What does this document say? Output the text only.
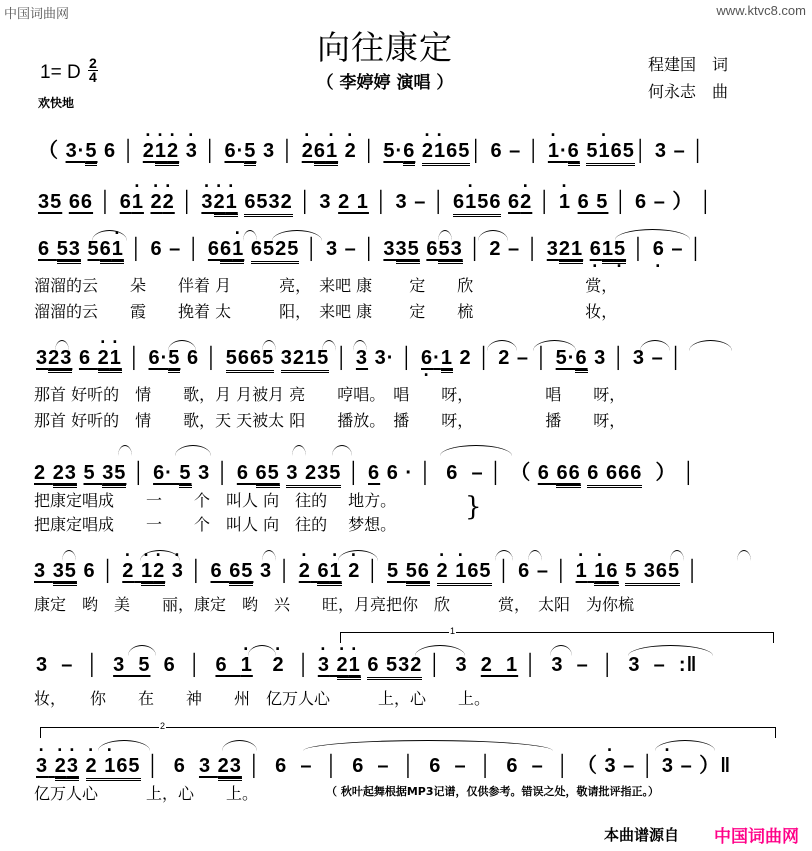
中国词曲网	www.ktvc8.com
向往康定
（ 李婷婷 演唱 ）
1= D $\frac{2}{4}$
欢快地
程建国　词
何永志　曲
（ 3·5 6 │ · 2· 1· 2 · 3 │ 6·5 3 │ · 26· 1 · 2 │ 5·6 · 2· 165│ 6 – │ · 1·6 5· 165│ 3 – │
35 66 │ 6· 1 · 2· 2 │ · 3· 2· 1 6532 │ 3 2 1 │ 3 – │ 6· 156 6· 2 │ · 1 6 5 │ 6 – ） │
6 53 56· 1 │ 6 – │ 66· 1 6525 │ 3 – │ 335 653 │ 2 – │ 321 6 ·15 · │ 6 · – │
溜溜的云　　朵　　伴着 月　　　亮，　来吧 康　　 定　　欣　　　　　　　赏，
溜溜的云　　霞　　挽着 太　　　阳，　来吧 康　　 定　　梳　　　　　　　妆，
323 6 · 2· 1 │ 6·5 6 │ 5665 3215 │ 3 3· │ 6 ··1 2 │ 2 – │ 5·6 3 │ 3 – │
那首 好听的　情　　歌，月 月被月 亮　　哼唱。　唱　　呀，　　　　　唱　　呀，
那首 好听的　情　　歌，天 天被太 阳　　播放。　播　　呀，　　　　　播　　呀，
2 23 5 35 │ 6· 5 3 │ 6 65 3 235 │ 6 6 · │  6  – │ （ 6 66 6 666  ） │
把康定唱成　　一　　个　叫人 向　往的　 地方。
把康定唱成　　一　　个　叫人 向　往的　 梦想。
}
3 35 6 │ · 2 · 1· 2 · 3 │ 6 65 3 │ · 2 6· 1 · 2 │ 5 56 · 2 · 165 │ 6 – │ · 1 · 16 5 365 │
康定　哟　美　　丽，康定　哟　兴　　旺，月亮把你　欣　　　赏，　太阳　为你梳
1
3  –  │ 3  5  6  │ 6  · 1 · 2 │ · 3 · 2· 1 6 532 │  3  2  1 │  3  –  │  3  –  :‖
妆，　　你　　在　　神　　州　亿万人心　　　上，心　　上。
2
· 3 · 2· 3 · 2 · 165 │  6  3 23 │  6  –  │  6  –  │  6  –  │  6  –  │ （ · 3 – │ · 3 – ）‖
亿万人心　　　上，心　　上。	（ 秋叶起舞根据MP3记谱，仅供参考。错误之处，敬请批评指正。）
本曲谱源自 中国词曲网
